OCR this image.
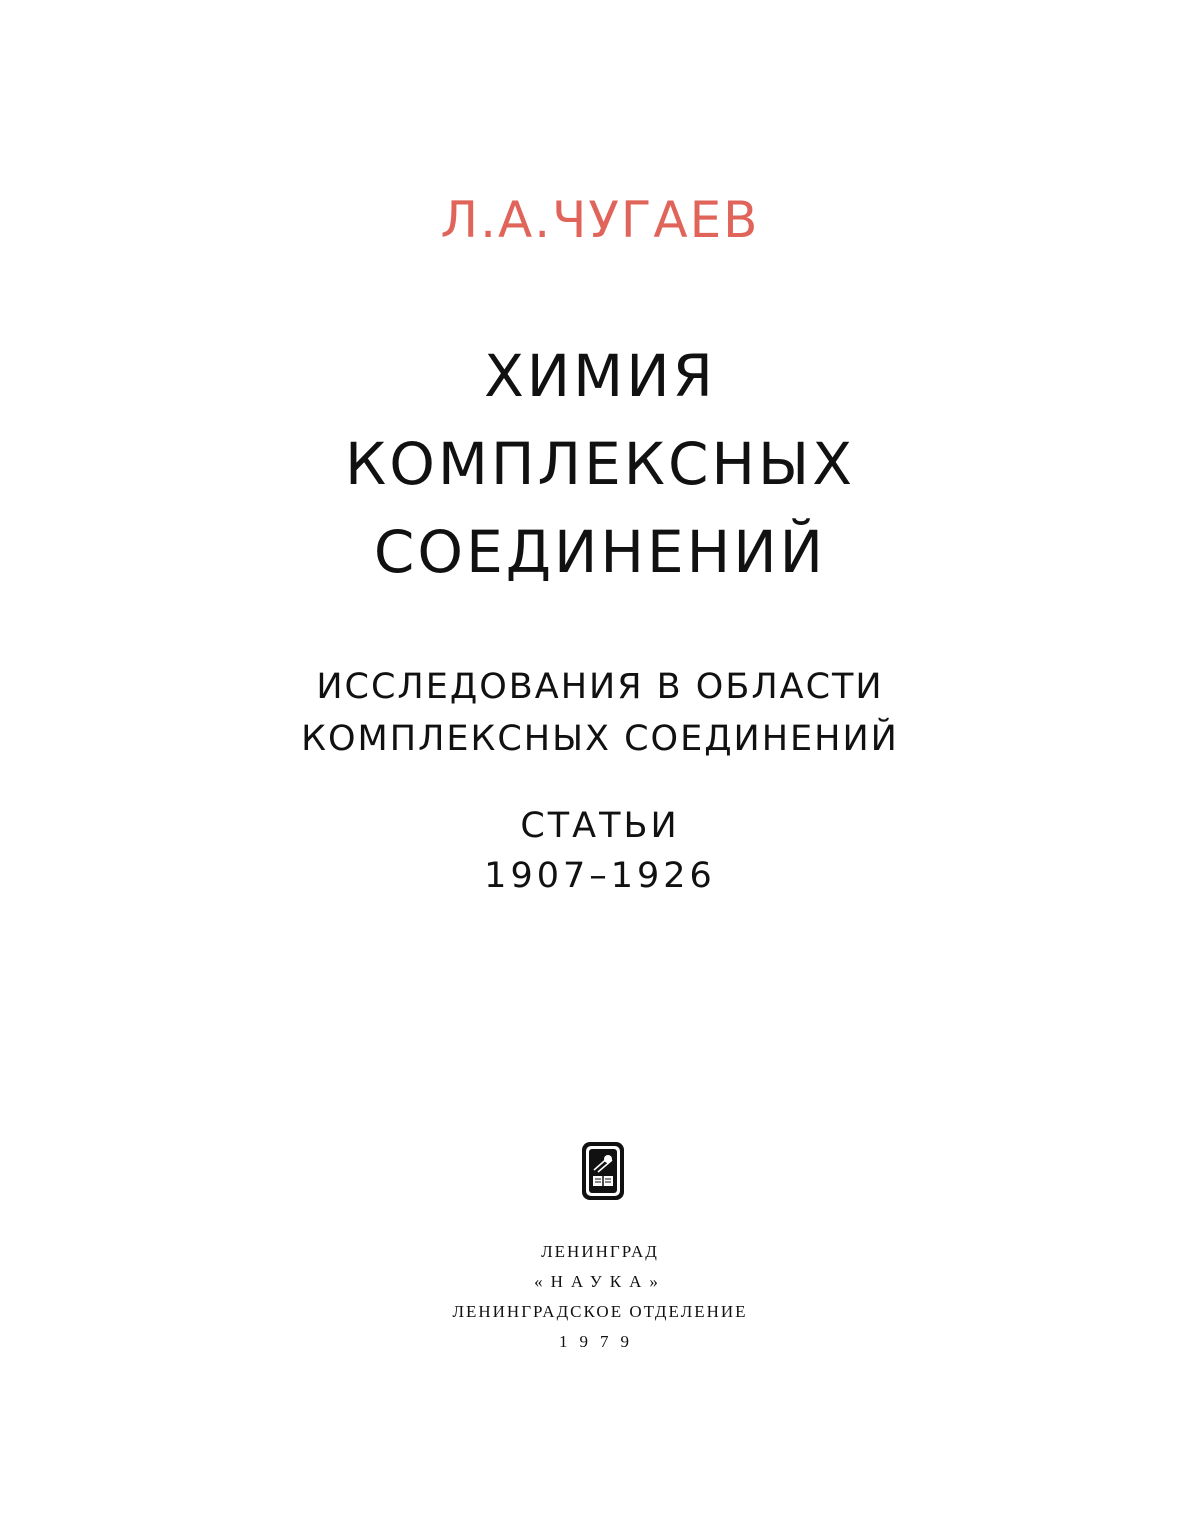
Л.А.ЧУГАЕВ
ХИМИЯ
КОМПЛЕКСНЫХ
СОЕДИНЕНИЙ
ИССЛЕДОВАНИЯ В ОБЛАСТИ
КОМПЛЕКСНЫХ СОЕДИНЕНИЙ
СТАТЬИ
1907–1926
ЛЕНИНГРАД
«НАУКА»
ЛЕНИНГРАДСКОЕ ОТДЕЛЕНИЕ
1979
